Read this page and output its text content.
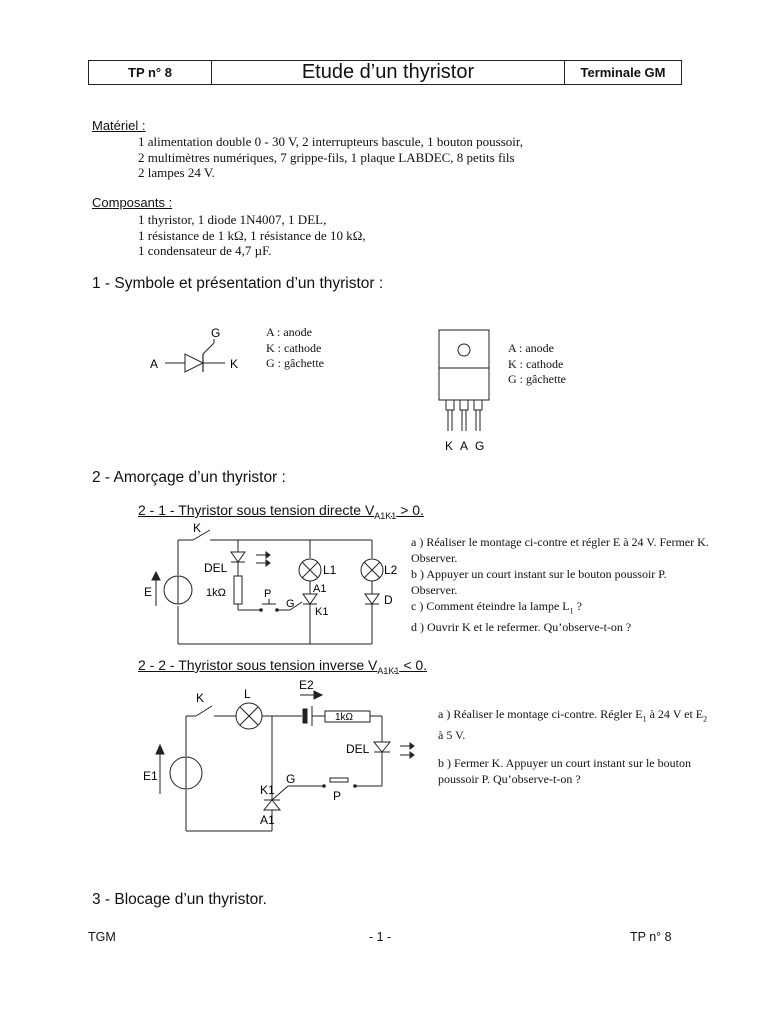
TP n° 8	Etude d’un thyristor	Terminale GM
Matériel :
1 alimentation double 0 - 30 V, 2 interrupteurs bascule, 1 bouton poussoir,
2 multimètres numériques, 7 grippe-fils, 1 plaque LABDEC, 8 petits fils
2 lampes 24 V.
Composants :
1 thyristor, 1 diode 1N4007, 1 DEL,
1 résistance de 1 kΩ, 1 résistance de 10 kΩ,
1 condensateur de 4,7 µF.
1 - Symbole et présentation d’un thyristor :
A	K
G	A : anode
K : cathode
G : gâchette
K A G
A : anode
K : cathode
G : gâchette
2 - Amorçage d’un thyristor :
2 - 1 - Thyristor sous tension directe $V_{A1K1} > 0$.
K
DEL
1kΩ
E	P
G
A1
K1
L1	L2
D
a ) Réaliser le montage ci-contre et régler E à 24 V. Fermer K. Observer.
b ) Appuyer un court instant sur le bouton poussoir P. Observer.
c ) Comment éteindre la lampe $L_1$ ?
d ) Ouvrir K et le refermer. Qu’observe-t-on ?
2 - 2 - Thyristor sous tension inverse $V_{A1K1} < 0$.
K	L
E2
1kΩ
DEL
E1	G
K1
A1
P
a ) Réaliser le montage ci-contre. Régler $E_1$ à 24 V et $E_2$ à 5 V.
b ) Fermer K. Appuyer un court instant sur le bouton poussoir P. Qu’observe-t-on ?
3 - Blocage d’un thyristor.
TGM	- 1 -	TP n° 8
